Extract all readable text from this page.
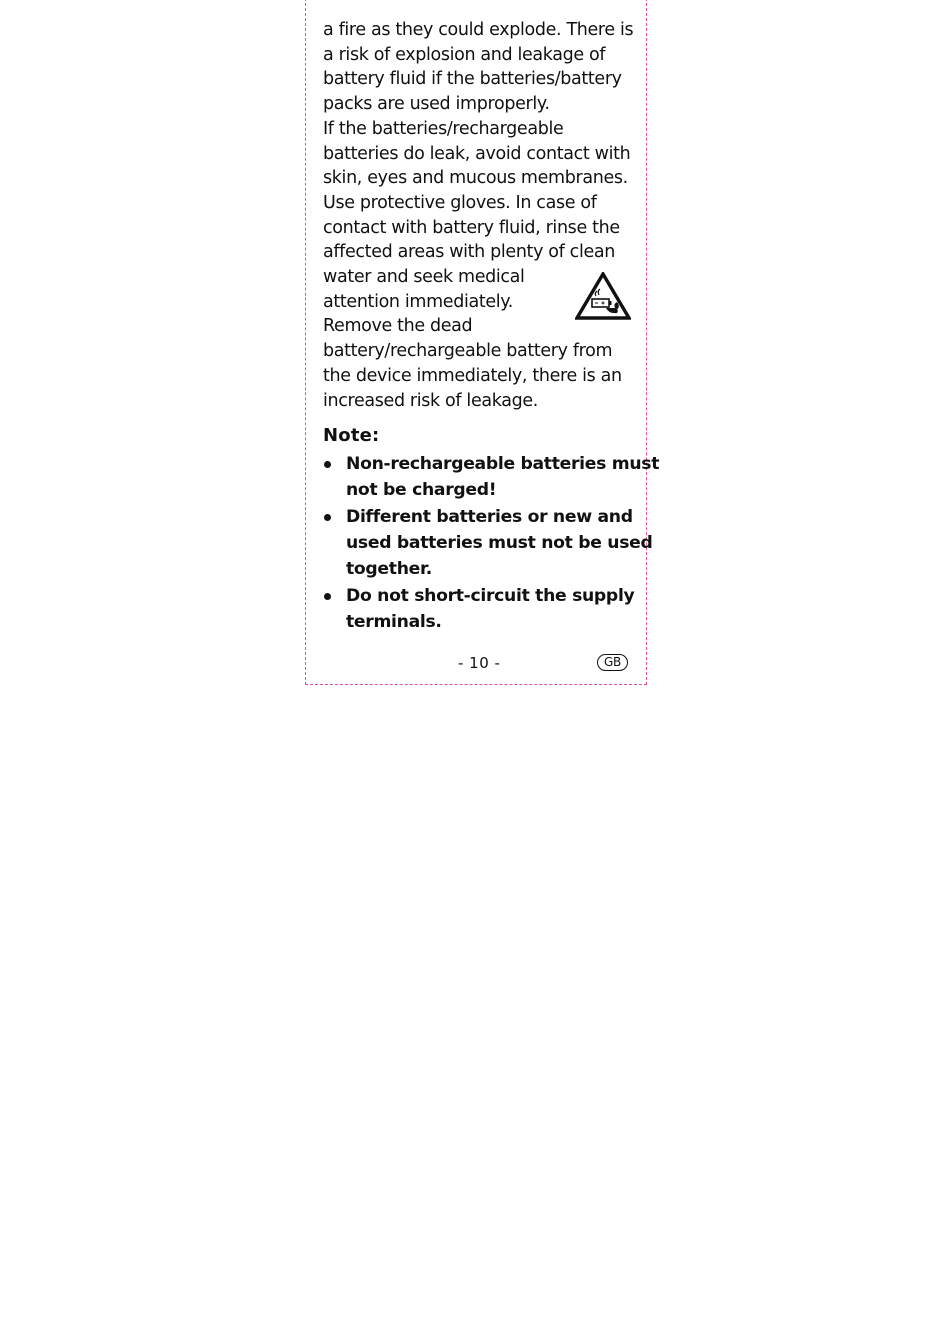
a fire as they could explode. There is
a risk of explosion and leakage of
battery fluid if the batteries/battery
packs are used improperly.
If the batteries/rechargeable
batteries do leak, avoid contact with
skin, eyes and mucous membranes.
Use protective gloves. In case of
contact with battery fluid, rinse the
affected areas with plenty of clean
water and seek medical
attention immediately.
Remove the dead
battery/rechargeable battery from
the device immediately, there is an
increased risk of leakage.

Note:
Non-rechargeable batteries must
not be charged!
Different batteries or new and
used batteries must not be used
together.
Do not short-circuit the supply
terminals.
- 10 -	GB
